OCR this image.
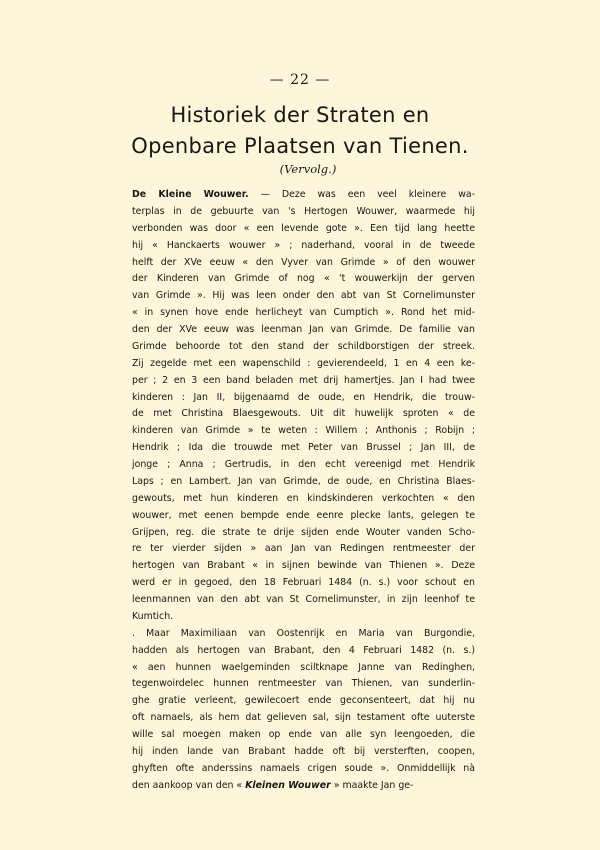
— 22 —
Historiek der Straten en
Openbare Plaatsen van Tienen.
(Vervolg.)
De Kleine Wouwer. — Deze was een veel kleinere wa-
terplas in de gebuurte van 's Hertogen Wouwer, waarmede hij
verbonden was door « een levende gote ». Een tijd lang heette
hij « Hanckaerts wouwer » ; naderhand, vooral in de tweede
helft der XVe eeuw « den Vyver van Grimde » of den wouwer
der Kinderen van Grimde of nog « 't wouwerkijn der gerven
van Grimde ». Hij was leen onder den abt van St Cornelimunster
« in synen hove ende herlicheyt van Cumptich ». Rond het mid-
den der XVe eeuw was leenman Jan van Grimde. De familie van
Grimde behoorde tot den stand der schildborstigen der streek.
Zij zegelde met een wapenschild : gevierendeeld, 1 en 4 een ke-
per ; 2 en 3 een band beladen met drij hamertjes. Jan I had twee
kinderen : Jan II, bijgenaamd de oude, en Hendrik, die trouw-
de met Christina Blaesgewouts. Uit dit huwelijk sproten « de
kinderen van Grimde » te weten : Willem ; Anthonis ; Robijn ;
Hendrik ; Ida die trouwde met Peter van Brussel ; Jan III, de
jonge ; Anna ; Gertrudis, in den echt vereenigd met Hendrik
Laps ; en Lambert. Jan van Grimde, de oude, en Christina Blaes-
gewouts, met hun kinderen en kindskinderen verkochten « den
wouwer, met eenen bempde ende eenre plecke lants, gelegen te
Grijpen, reg. die strate te drije sijden ende Wouter vanden Scho-
re ter vierder sijden » aan Jan van Redingen rentmeester der
hertogen van Brabant « in sijnen bewinde van Thienen ». Deze
werd er in gegoed, den 18 Februari 1484 (n. s.) voor schout en
leenmannen van den abt van St Cornelimunster, in zijn leenhof te
Kumtich.
. Maar Maximiliaan van Oostenrijk en Maria van Burgondie,
hadden als hertogen van Brabant, den 4 Februari 1482 (n. s.)
« aen hunnen waelgeminden sciltknape Janne van Redinghen,
tegenwoirdelec hunnen rentmeester van Thienen, van sunderlin-
ghe gratie verleent, gewilecoert ende geconsenteert, dat hij nu
oft namaels, als hem dat gelieven sal, sijn testament ofte uuterste
wille sal moegen maken op ende van alle syn leengoeden, die
hij inden lande van Brabant hadde oft bij versterften, coopen,
ghyften ofte anderssins namaels crigen soude ». Onmiddellijk nà
den aankoop van den « Kleinen Wouwer » maakte Jan ge-
